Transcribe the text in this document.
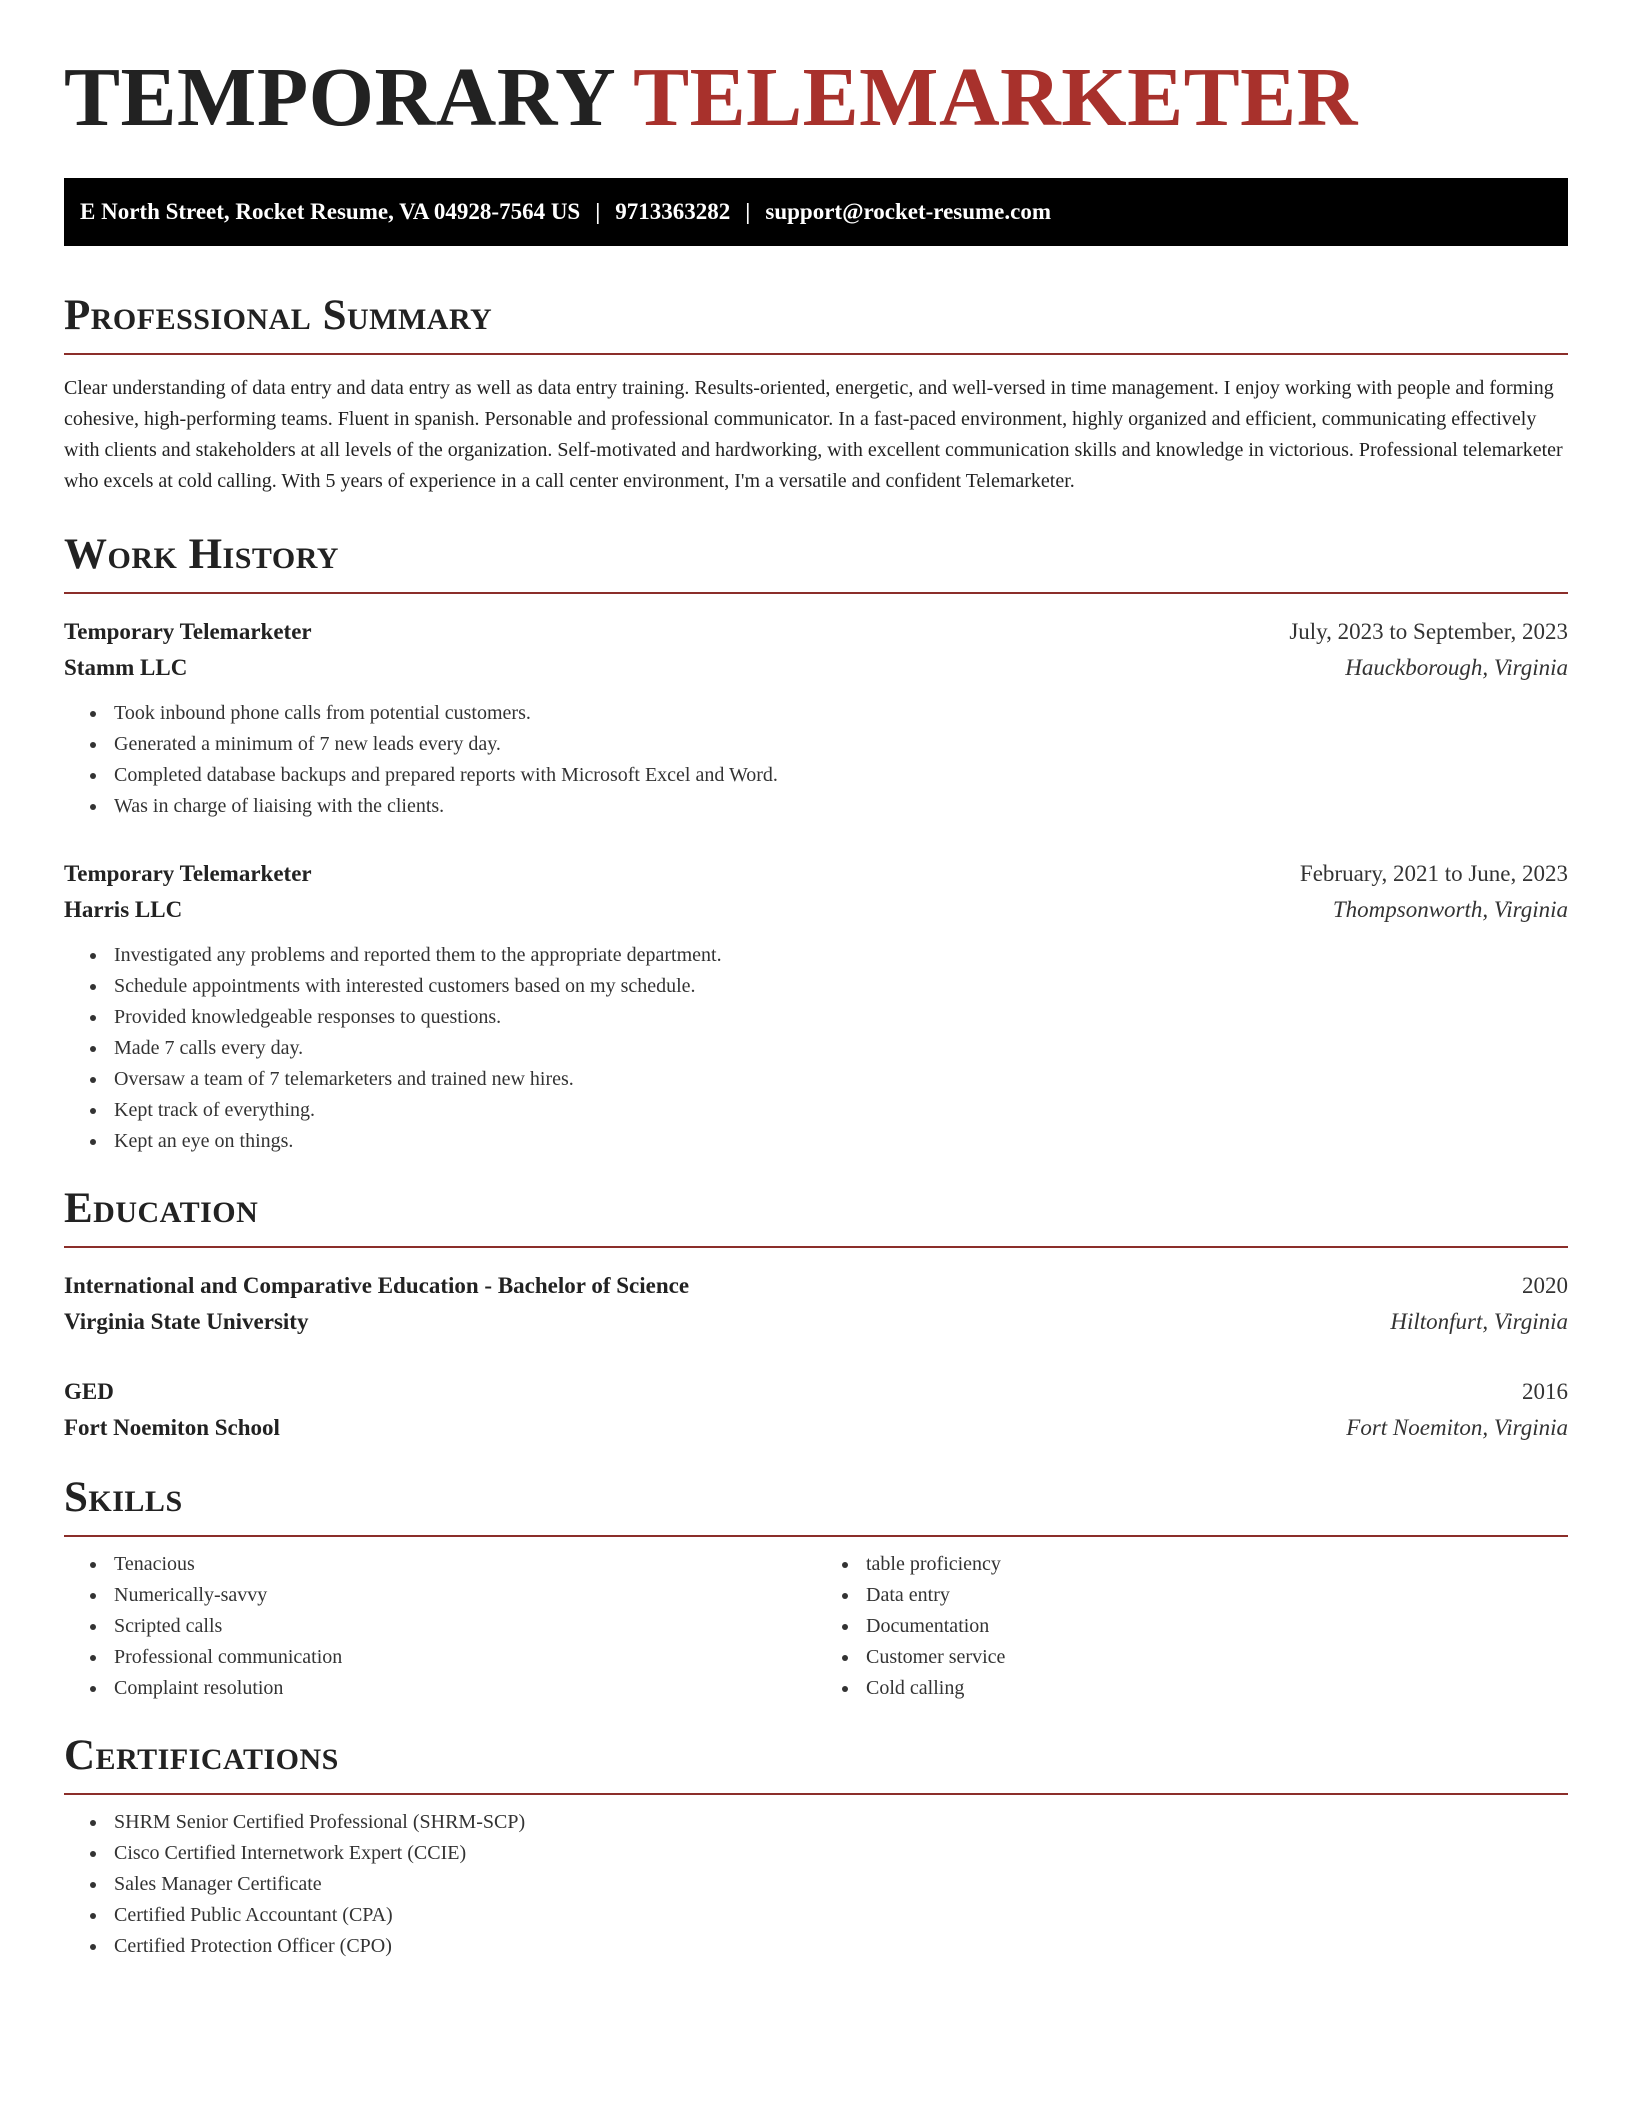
TEMPORARY TELEMARKETER
E North Street, Rocket Resume, VA 04928-7564 US | 9713363282 | support@rocket-resume.com
Professional Summary

Clear understanding of data entry and data entry as well as data entry training. Results-oriented, energetic, and well-versed in time management. I enjoy working with people and forming cohesive, high-performing teams. Fluent in spanish. Personable and professional communicator. In a fast-paced environment, highly organized and efficient, communicating effectively with clients and stakeholders at all levels of the organization. Self-motivated and hardworking, with excellent communication skills and knowledge in victorious. Professional telemarketer who excels at cold calling. With 5 years of experience in a call center environment, I'm a versatile and confident Telemarketer.

Work History
Temporary Telemarketer	July, 2023 to September, 2023
Stamm LLC	Hauckborough, Virginia
• Took inbound phone calls from potential customers.
• Generated a minimum of 7 new leads every day.
• Completed database backups and prepared reports with Microsoft Excel and Word.
• Was in charge of liaising with the clients.
Temporary Telemarketer	February, 2021 to June, 2023
Harris LLC	Thompsonworth, Virginia
• Investigated any problems and reported them to the appropriate department.
• Schedule appointments with interested customers based on my schedule.
• Provided knowledgeable responses to questions.
• Made 7 calls every day.
• Oversaw a team of 7 telemarketers and trained new hires.
• Kept track of everything.
• Kept an eye on things.
Education
International and Comparative Education - Bachelor of Science	2020
Virginia State University	Hiltonfurt, Virginia
GED	2016
Fort Noemiton School	Fort Noemiton, Virginia
Skills
• Tenacious
• Numerically-savvy
• Scripted calls
• Professional communication
• Complaint resolution
• table proficiency
• Data entry
• Documentation
• Customer service
• Cold calling
Certifications
• SHRM Senior Certified Professional (SHRM-SCP)
• Cisco Certified Internetwork Expert (CCIE)
• Sales Manager Certificate
• Certified Public Accountant (CPA)
• Certified Protection Officer (CPO)
